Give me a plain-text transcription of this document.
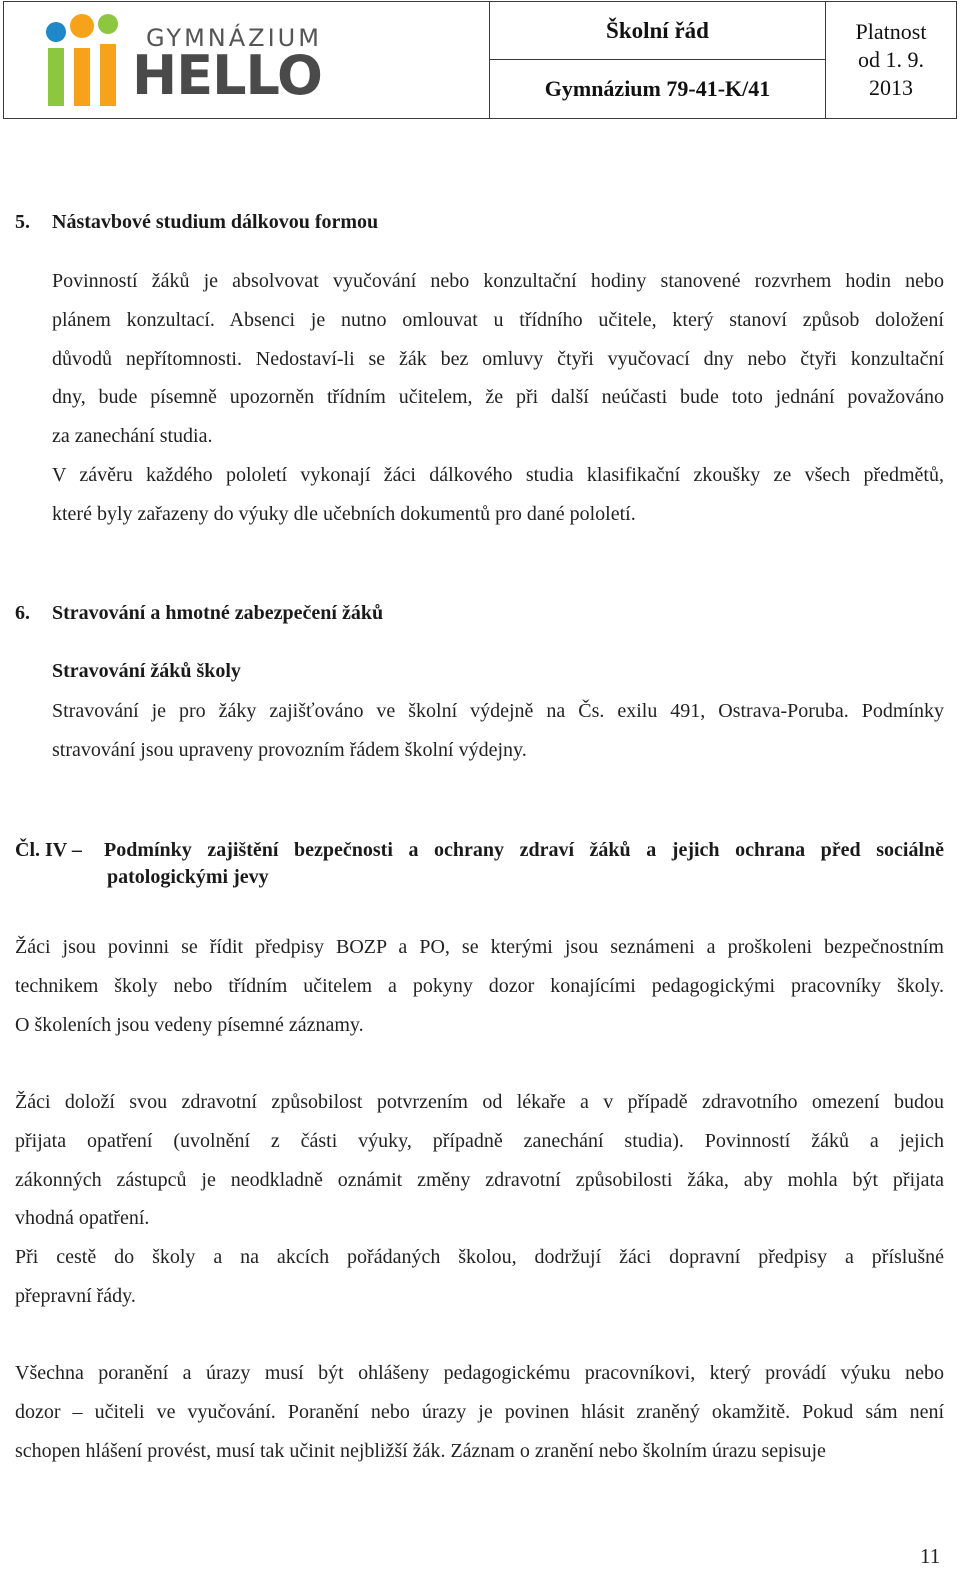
GYMNÁZIUM
HELLO
Školní řád
Gymnázium 79-41-K/41
Platnost
od 1. 9.
2013
5. Nástavbové studium dálkovou formou
Povinností žáků je absolvovat vyučování nebo konzultační hodiny stanovené rozvrhem hodin nebo
plánem konzultací. Absenci je nutno omlouvat u třídního učitele, který stanoví způsob doložení
důvodů nepřítomnosti. Nedostaví-li se žák bez omluvy čtyři vyučovací dny nebo čtyři konzultační
dny, bude písemně upozorněn třídním učitelem, že při další neúčasti bude toto jednání považováno
za zanechání studia.
V závěru každého pololetí vykonají žáci dálkového studia klasifikační zkoušky ze všech předmětů,
které byly zařazeny do výuky dle učebních dokumentů pro dané pololetí.
6. Stravování a hmotné zabezpečení žáků
Stravování žáků školy
Stravování je pro žáky zajišťováno ve školní výdejně na Čs. exilu 491, Ostrava-Poruba. Podmínky
stravování jsou upraveny provozním řádem školní výdejny.
Čl. IV – Podmínky zajištění bezpečnosti a ochrany zdraví žáků a jejich ochrana před sociálně
patologickými jevy
Žáci jsou povinni se řídit předpisy BOZP a PO, se kterými jsou seznámeni a proškoleni bezpečnostním
technikem školy nebo třídním učitelem a pokyny dozor konajícími pedagogickými pracovníky školy.
O školeních jsou vedeny písemné záznamy.
Žáci doloží svou zdravotní způsobilost potvrzením od lékaře a v případě zdravotního omezení budou
přijata opatření (uvolnění z části výuky, případně zanechání studia). Povinností žáků a jejich
zákonných zástupců je neodkladně oznámit změny zdravotní způsobilosti žáka, aby mohla být přijata
vhodná opatření.
Při cestě do školy a na akcích pořádaných školou, dodržují žáci dopravní předpisy a příslušné
přepravní řády.
Všechna poranění a úrazy musí být ohlášeny pedagogickému pracovníkovi, který provádí výuku nebo
dozor – učiteli ve vyučování. Poranění nebo úrazy je povinen hlásit zraněný okamžitě. Pokud sám není
schopen hlášení provést, musí tak učinit nejbližší žák. Záznam o zranění nebo školním úrazu sepisuje
11
